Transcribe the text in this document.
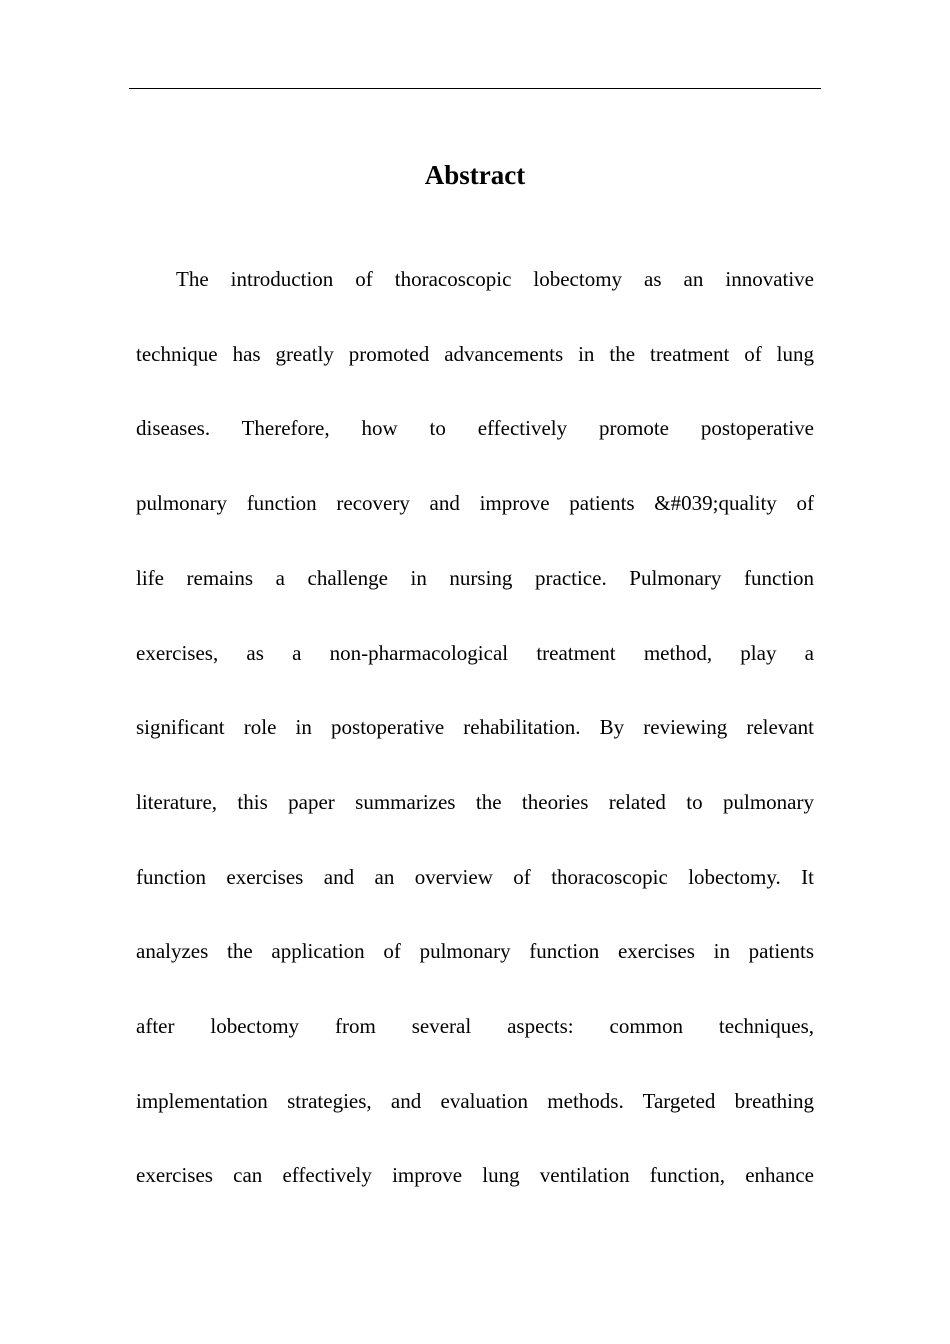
Abstract
The introduction of thoracoscopic lobectomy as an innovative
technique has greatly promoted advancements in the treatment of lung
diseases. Therefore, how to effectively promote postoperative
pulmonary function recovery and improve patients &#039;quality of
life remains a challenge in nursing practice. Pulmonary function
exercises, as a non-pharmacological treatment method, play a
significant role in postoperative rehabilitation. By reviewing relevant
literature, this paper summarizes the theories related to pulmonary
function exercises and an overview of thoracoscopic lobectomy. It
analyzes the application of pulmonary function exercises in patients
after lobectomy from several aspects: common techniques,
implementation strategies, and evaluation methods. Targeted breathing
exercises can effectively improve lung ventilation function, enhance
